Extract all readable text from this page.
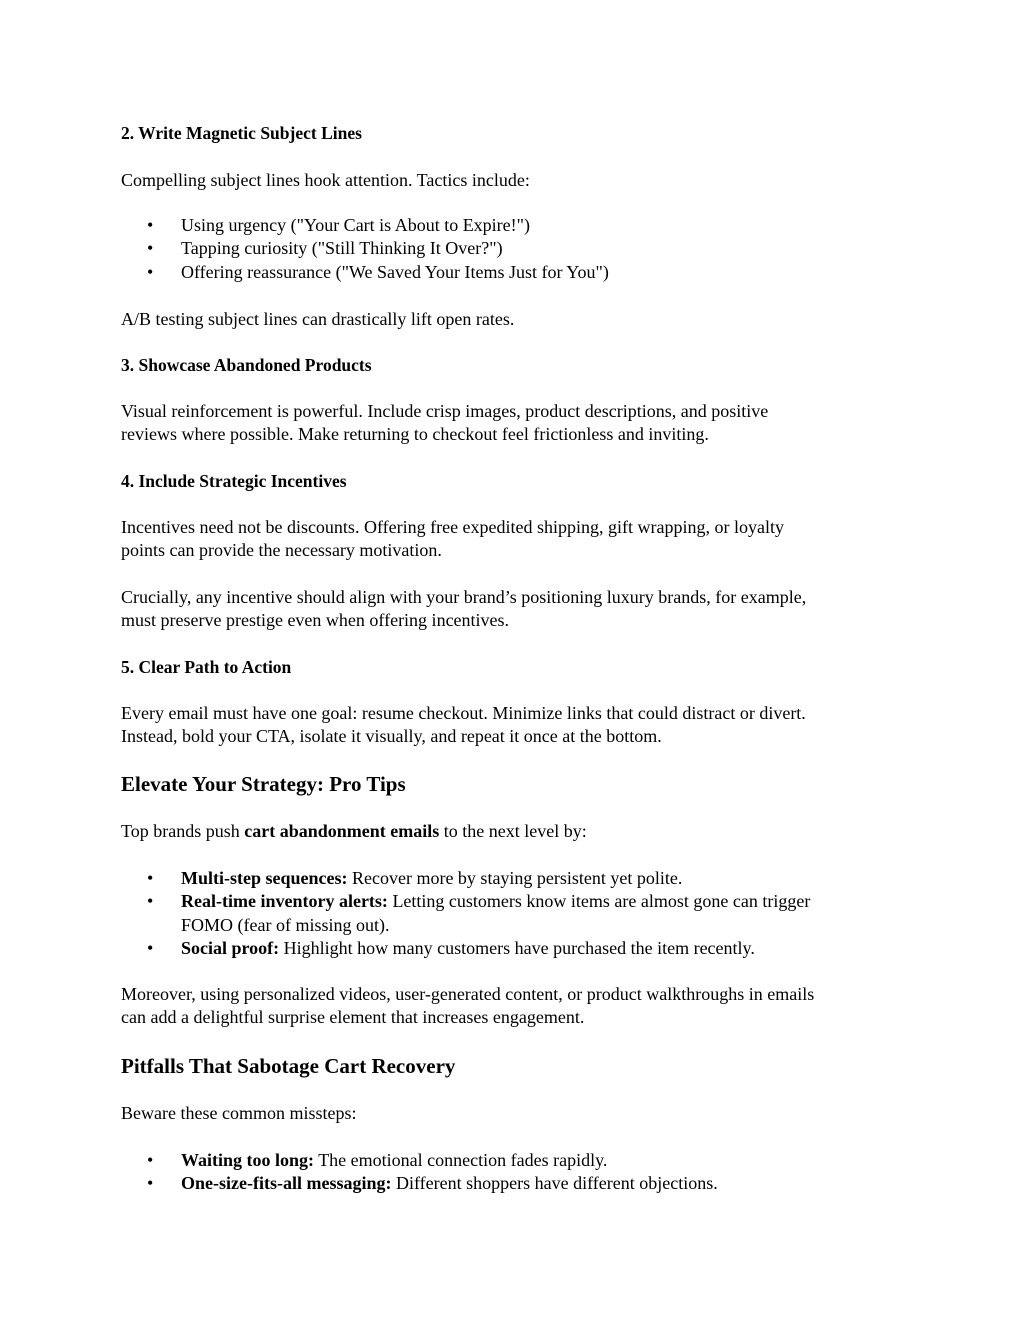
2. Write Magnetic Subject Lines
Compelling subject lines hook attention. Tactics include:
• Using urgency ("Your Cart is About to Expire!")
• Tapping curiosity ("Still Thinking It Over?")
• Offering reassurance ("We Saved Your Items Just for You")
A/B testing subject lines can drastically lift open rates.
3. Showcase Abandoned Products
Visual reinforcement is powerful. Include crisp images, product descriptions, and positive
reviews where possible. Make returning to checkout feel frictionless and inviting.
4. Include Strategic Incentives
Incentives need not be discounts. Offering free expedited shipping, gift wrapping, or loyalty
points can provide the necessary motivation.
Crucially, any incentive should align with your brand’s positioning luxury brands, for example,
must preserve prestige even when offering incentives.
5. Clear Path to Action
Every email must have one goal: resume checkout. Minimize links that could distract or divert.
Instead, bold your CTA, isolate it visually, and repeat it once at the bottom.
Elevate Your Strategy: Pro Tips
Top brands push cart abandonment emails to the next level by:
• Multi-step sequences: Recover more by staying persistent yet polite.
• Real-time inventory alerts: Letting customers know items are almost gone can trigger
FOMO (fear of missing out).
• Social proof: Highlight how many customers have purchased the item recently.
Moreover, using personalized videos, user-generated content, or product walkthroughs in emails
can add a delightful surprise element that increases engagement.
Pitfalls That Sabotage Cart Recovery
Beware these common missteps:
• Waiting too long: The emotional connection fades rapidly.
• One-size-fits-all messaging: Different shoppers have different objections.
